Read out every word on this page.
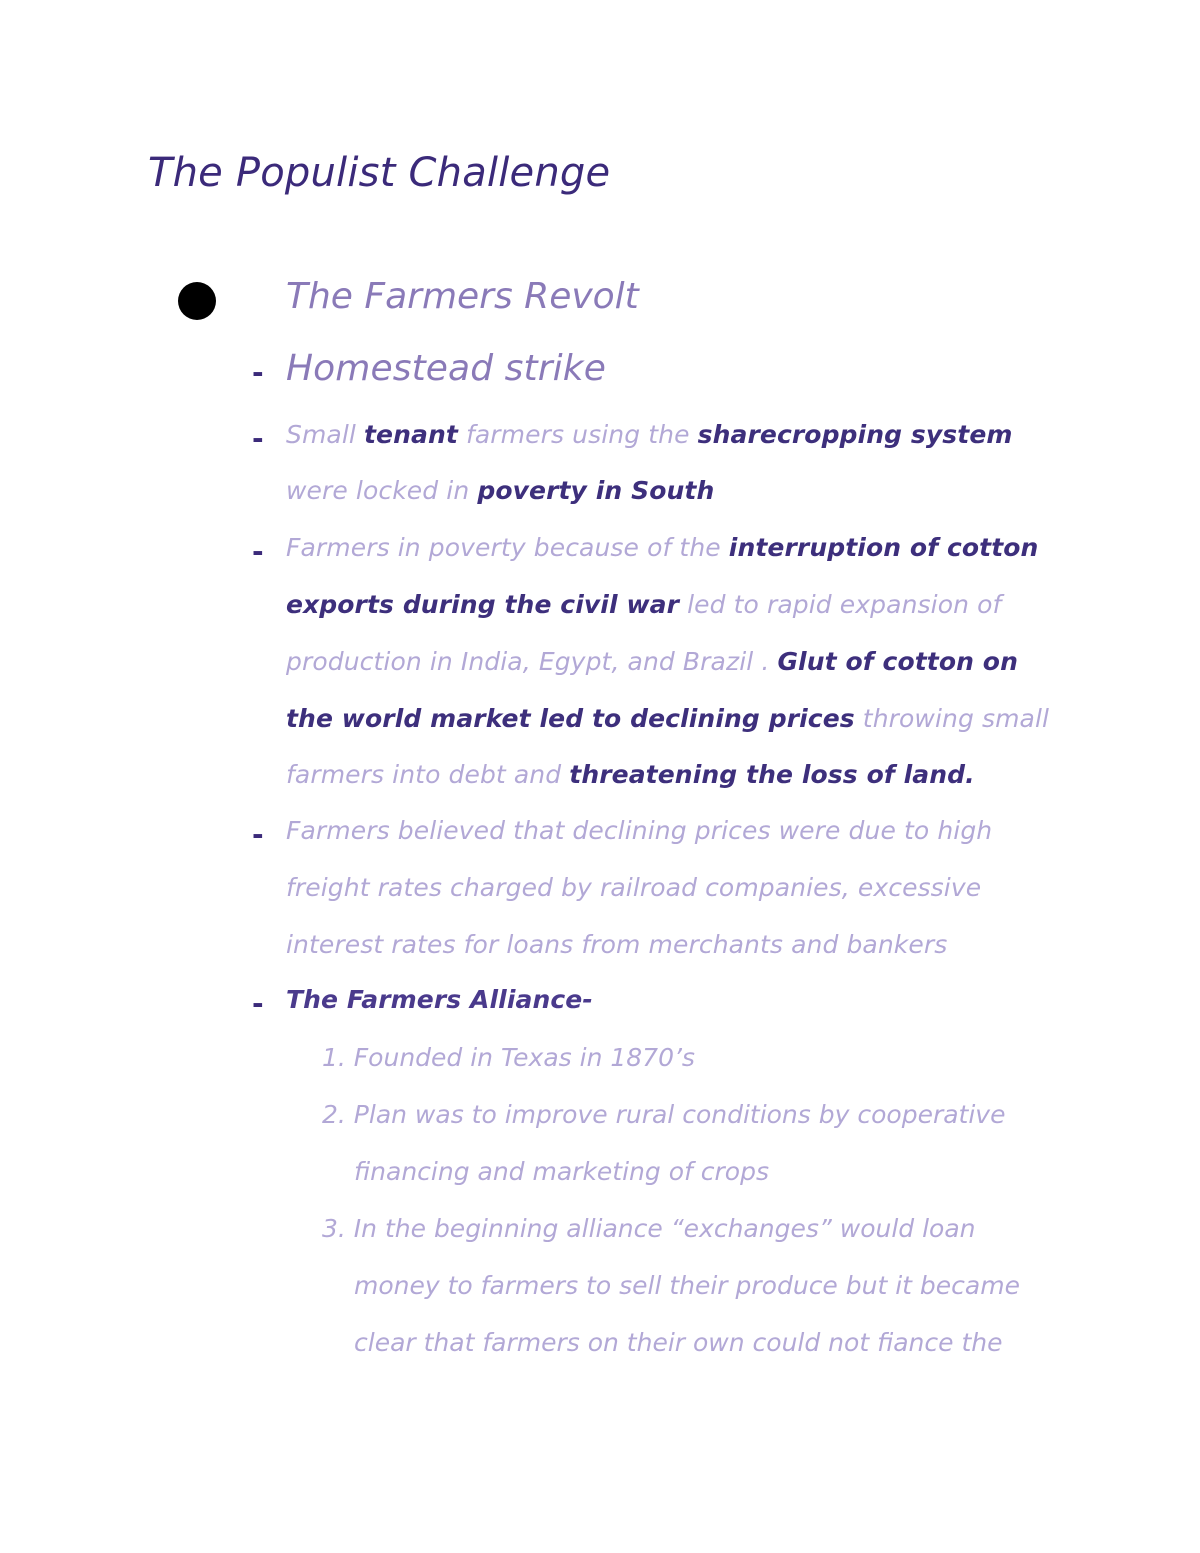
The Populist Challenge
The Farmers Revolt
- Homestead strike
- Small tenant farmers using the sharecropping system
were locked in poverty in South
- Farmers in poverty because of the interruption of cotton
exports during the civil war led to rapid expansion of
production in India, Egypt, and Brazil . Glut of cotton on
the world market led to declining prices throwing small
farmers into debt and threatening the loss of land.
- Farmers believed that declining prices were due to high
freight rates charged by railroad companies, excessive
interest rates for loans from merchants and bankers
- The Farmers Alliance-
1. Founded in Texas in 1870’s
2. Plan was to improve rural conditions by cooperative
financing and marketing of crops
3. In the beginning alliance “exchanges” would loan
money to farmers to sell their produce but it became
clear that farmers on their own could not fiance the
